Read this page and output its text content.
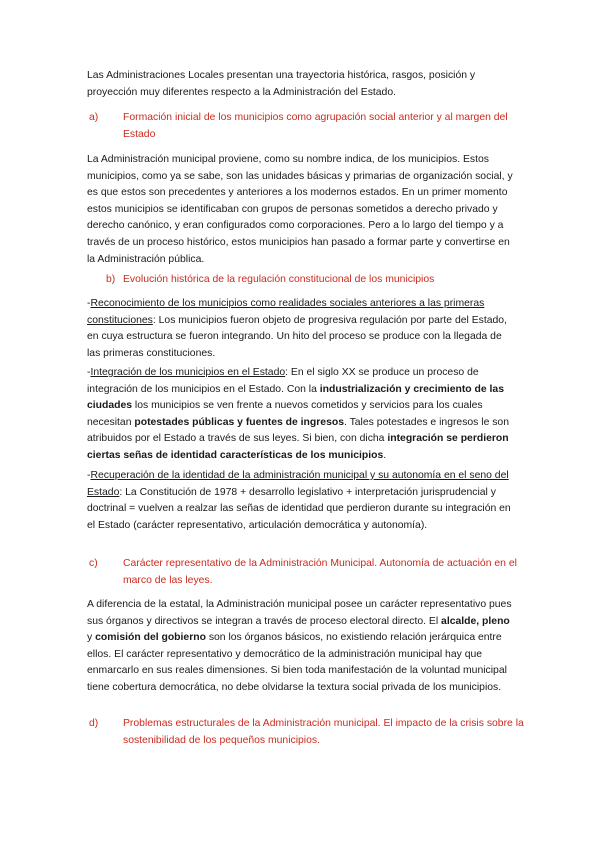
Las Administraciones Locales presentan una trayectoria histórica, rasgos, posición y proyección muy diferentes respecto a la Administración del Estado.

a) Formación inicial de los municipios como agrupación social anterior y al margen del Estado

La Administración municipal proviene, como su nombre indica, de los municipios. Estos municipios, como ya se sabe, son las unidades básicas y primarias de organización social, y es que estos son precedentes y anteriores a los modernos estados. En un primer momento estos municipios se identificaban con grupos de personas sometidos a derecho privado y derecho canónico, y eran configurados como corporaciones. Pero a lo largo del tiempo y a través de un proceso histórico, estos municipios han pasado a formar parte y convertirse en la Administración pública.

b) Evolución histórica de la regulación constitucional de los municipios

-Reconocimiento de los municipios como realidades sociales anteriores a las primeras constituciones: Los municipios fueron objeto de progresiva regulación por parte del Estado, en cuya estructura se fueron integrando. Un hito del proceso se produce con la llegada de las primeras constituciones.

-Integración de los municipios en el Estado: En el siglo XX se produce un proceso de integración de los municipios en el Estado. Con la industrialización y crecimiento de las ciudades los municipios se ven frente a nuevos cometidos y servicios para los cuales necesitan potestades públicas y fuentes de ingresos. Tales potestades e ingresos le son atribuidos por el Estado a través de sus leyes. Si bien, con dicha integración se perdieron ciertas señas de identidad características de los municipios.

-Recuperación de la identidad de la administración municipal y su autonomía en el seno del Estado: La Constitución de 1978 + desarrollo legislativo + interpretación jurisprudencial y doctrinal = vuelven a realzar las señas de identidad que perdieron durante su integración en el Estado (carácter representativo, articulación democrática y autonomía).

c) Carácter representativo de la Administración Municipal. Autonomía de actuación en el marco de las leyes.

A diferencia de la estatal, la Administración municipal posee un carácter representativo pues sus órganos y directivos se integran a través de proceso electoral directo. El alcalde, pleno y comisión del gobierno son los órganos básicos, no existiendo relación jerárquica entre ellos. El carácter representativo y democrático de la administración municipal hay que enmarcarlo en sus reales dimensiones. Si bien toda manifestación de la voluntad municipal tiene cobertura democrática, no debe olvidarse la textura social privada de los municipios.

d) Problemas estructurales de la Administración municipal. El impacto de la crisis sobre la sostenibilidad de los pequeños municipios.
